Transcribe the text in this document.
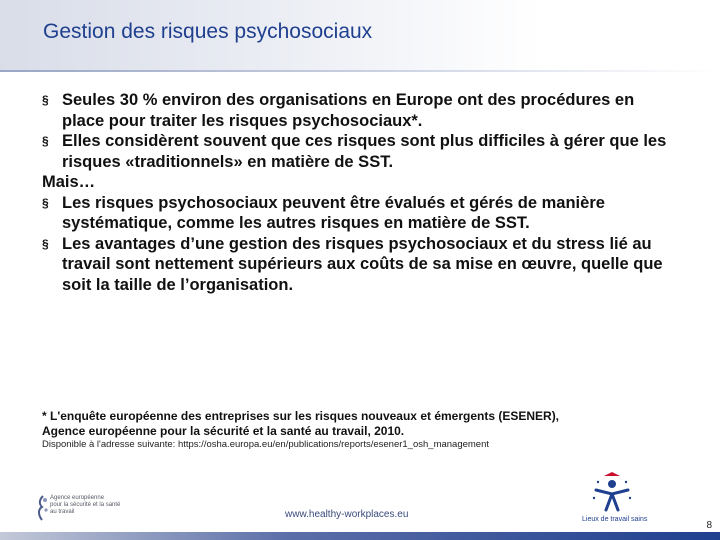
Gestion des risques psychosociaux

§ Seules 30 % environ des organisations en Europe ont des procédures en place pour traiter les risques psychosociaux*.

§ Elles considèrent souvent que ces risques sont plus difficiles à gérer que les risques «traditionnels» en matière de SST.

Mais…

§ Les risques psychosociaux peuvent être évalués et gérés de manière systématique, comme les autres risques en matière de SST.

§ Les avantages d’une gestion des risques psychosociaux et du stress lié au travail sont nettement supérieurs aux coûts de sa mise en œuvre, quelle que soit la taille de l’organisation.

* L'enquête européenne des entreprises sur les risques nouveaux et émergents (ESENER),

Agence européenne pour la sécurité et la santé au travail, 2010.

Disponible à l'adresse suivante: https://osha.europa.eu/en/publications/reports/esener1_osh_management
Agence européenne
pour la sécurité et la santé
au travail	www.healthy-workplaces.eu	Lieux de travail sains
8
